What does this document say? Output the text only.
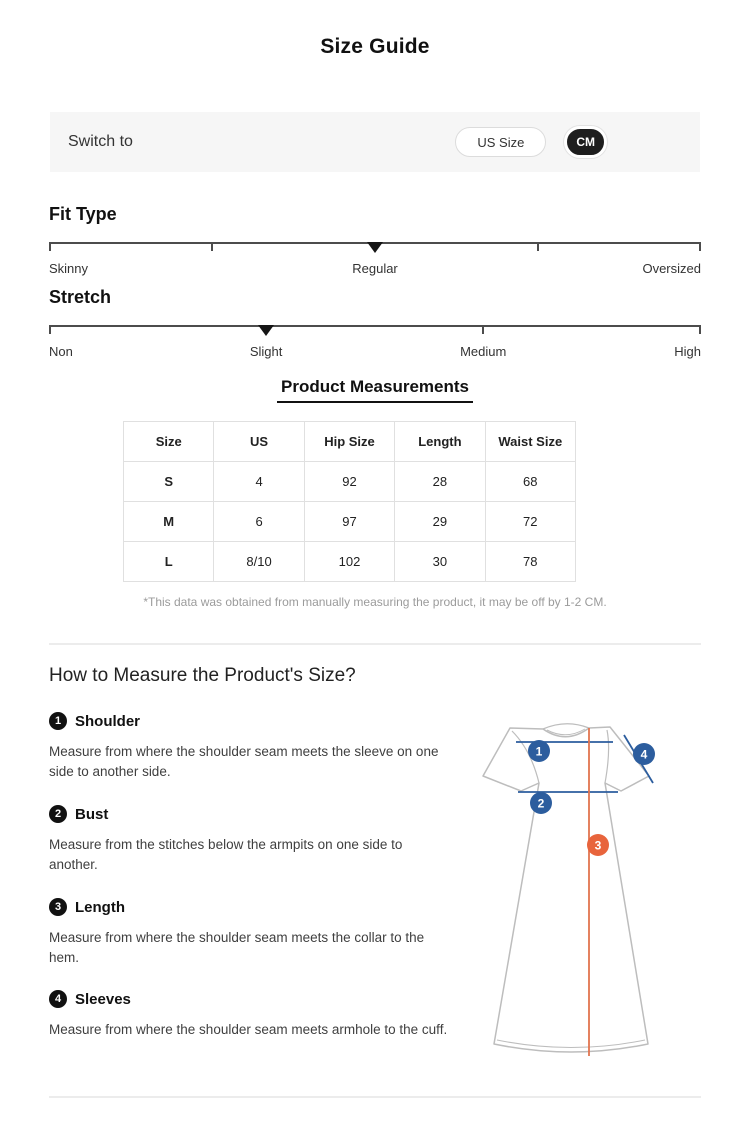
Size Guide
Switch to	US Size	CM
Fit Type
Skinny	Regular	Oversized
Stretch
Non	Slight	Medium	High
Product Measurements
Size	US	Hip Size	Length	Waist Size
S	4	92	28	68
M	6	97	29	72
L	8/10	102	30	78
*This data was obtained from manually measuring the product, it may be off by 1-2 CM.
How to Measure the Product's Size?
1 Shoulder
Measure from where the shoulder seam meets the sleeve on one side to another side.
2 Bust
Measure from the stitches below the armpits on one side to another.
3 Length
Measure from where the shoulder seam meets the collar to the hem.
4 Sleeves
Measure from where the shoulder seam meets armhole to the cuff.
1
2
3
4
